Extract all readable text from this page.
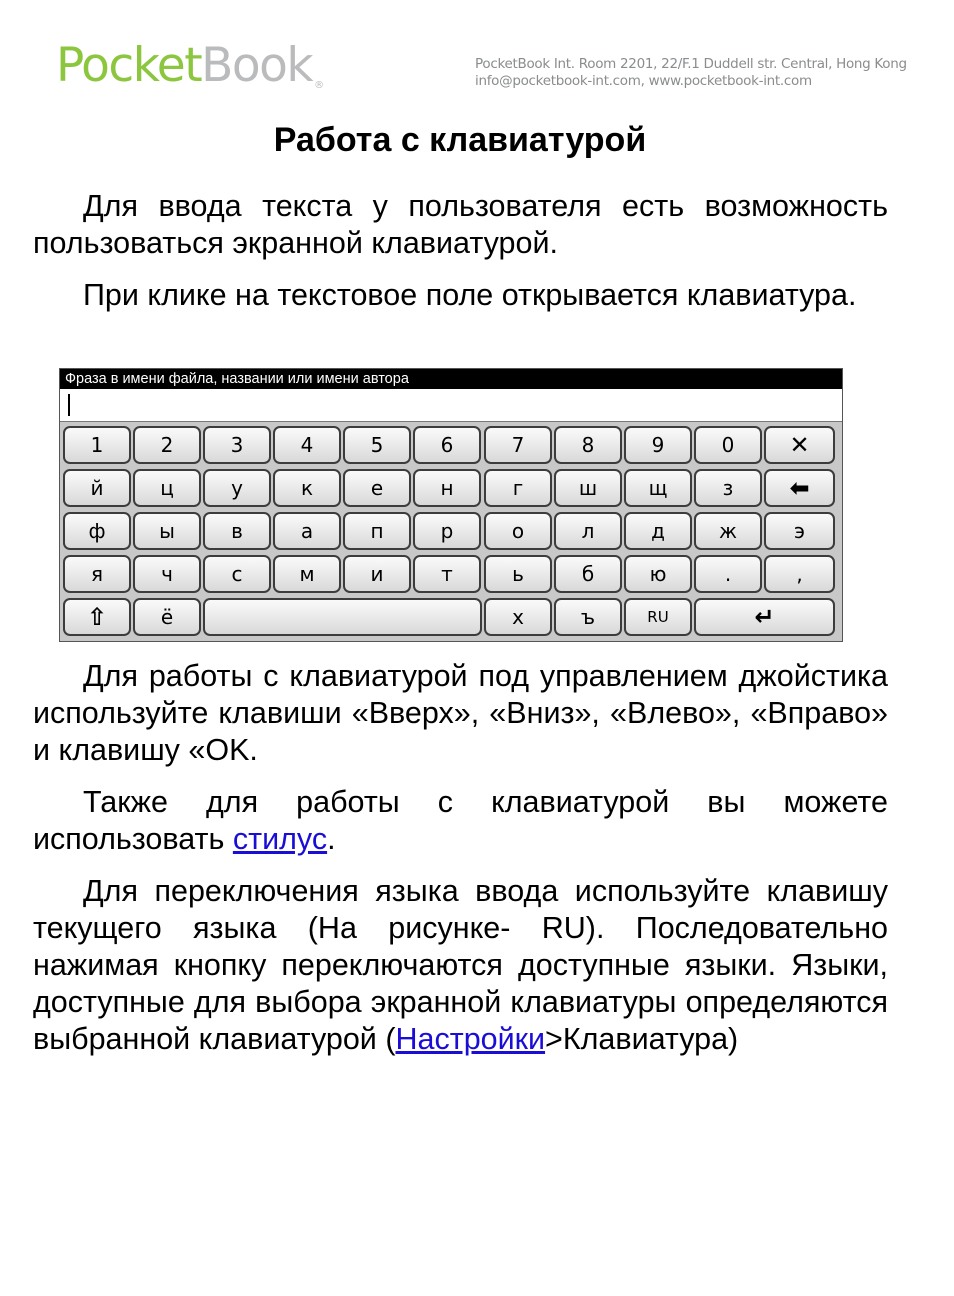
PocketBook ®
PocketBook Int. Room 2201, 22/F.1 Duddell str. Central, Hong Kong
info@pocketbook-int.com, www.pocketbook-int.com
Работа с клавиатурой

Для ввода текста у пользователя есть возможность пользоваться экранной клавиатурой.

При клике на текстовое поле открывается клавиатура.

Фраза в имени файла, названии или имени автора
1	2	3	4	5	6	7	8	9	0	✕
й	ц	у	к	е	н	г	ш	щ	з	⬅
ф	ы	в	а	п	р	о	л	д	ж	э
я	ч	с	м	и	т	ь	б	ю	.	,
⇧	ё	х	ъ	RU	↵

Для работы с клавиатурой под управлением джойстика используйте клавиши «Вверх», «Вниз», «Влево», «Вправо» и клавишу «OK.

Также для работы с клавиатурой вы можете использовать стилус.

Для переключения языка ввода используйте клавишу текущего языка (На рисунке- RU). Последовательно нажимая кнопку переключаются доступные языки. Языки, доступные для выбора экранной клавиатуры определяются выбранной клавиатурой (Настройки>Клавиатура)
